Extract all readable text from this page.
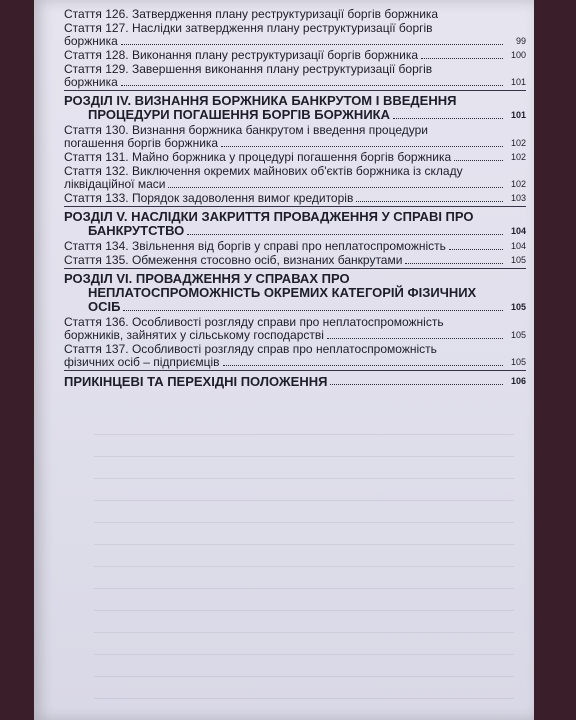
Стаття 126. Затвердження плану реструктуризації боргів боржника
Стаття 127. Наслідки затвердження плану реструктуризації боргів
боржника	99
Стаття 128. Виконання плану реструктуризації боргів боржника	100
Стаття 129. Завершення виконання плану реструктуризації боргів
боржника	101
РОЗДІЛ IV. ВИЗНАННЯ БОРЖНИКА БАНКРУТОМ І ВВЕДЕННЯ
ПРОЦЕДУРИ ПОГАШЕННЯ БОРГІВ БОРЖНИКА	101
Стаття 130. Визнання боржника банкрутом і введення процедури
погашення боргів боржника	102
Стаття 131. Майно боржника у процедурі погашення боргів боржника	102
Стаття 132. Виключення окремих майнових об'єктів боржника із складу
ліквідаційної маси	102
Стаття 133. Порядок задоволення вимог кредиторів	103
РОЗДІЛ V. НАСЛІДКИ ЗАКРИТТЯ ПРОВАДЖЕННЯ У СПРАВІ ПРО
БАНКРУТСТВО	104
Стаття 134. Звільнення від боргів у справі про неплатоспроможність	104
Стаття 135. Обмеження стосовно осіб, визнаних банкрутами	105
РОЗДІЛ VI. ПРОВАДЖЕННЯ У СПРАВАХ ПРО
НЕПЛАТОСПРОМОЖНІСТЬ ОКРЕМИХ КАТЕГОРІЙ ФІЗИЧНИХ
ОСІБ	105
Стаття 136. Особливості розгляду справи про неплатоспроможність
боржників, зайнятих у сільському господарстві	105
Стаття 137. Особливості розгляду справ про неплатоспроможність
фізичних осіб – підприємців	105
ПРИКІНЦЕВІ ТА ПЕРЕХІДНІ ПОЛОЖЕННЯ	106
